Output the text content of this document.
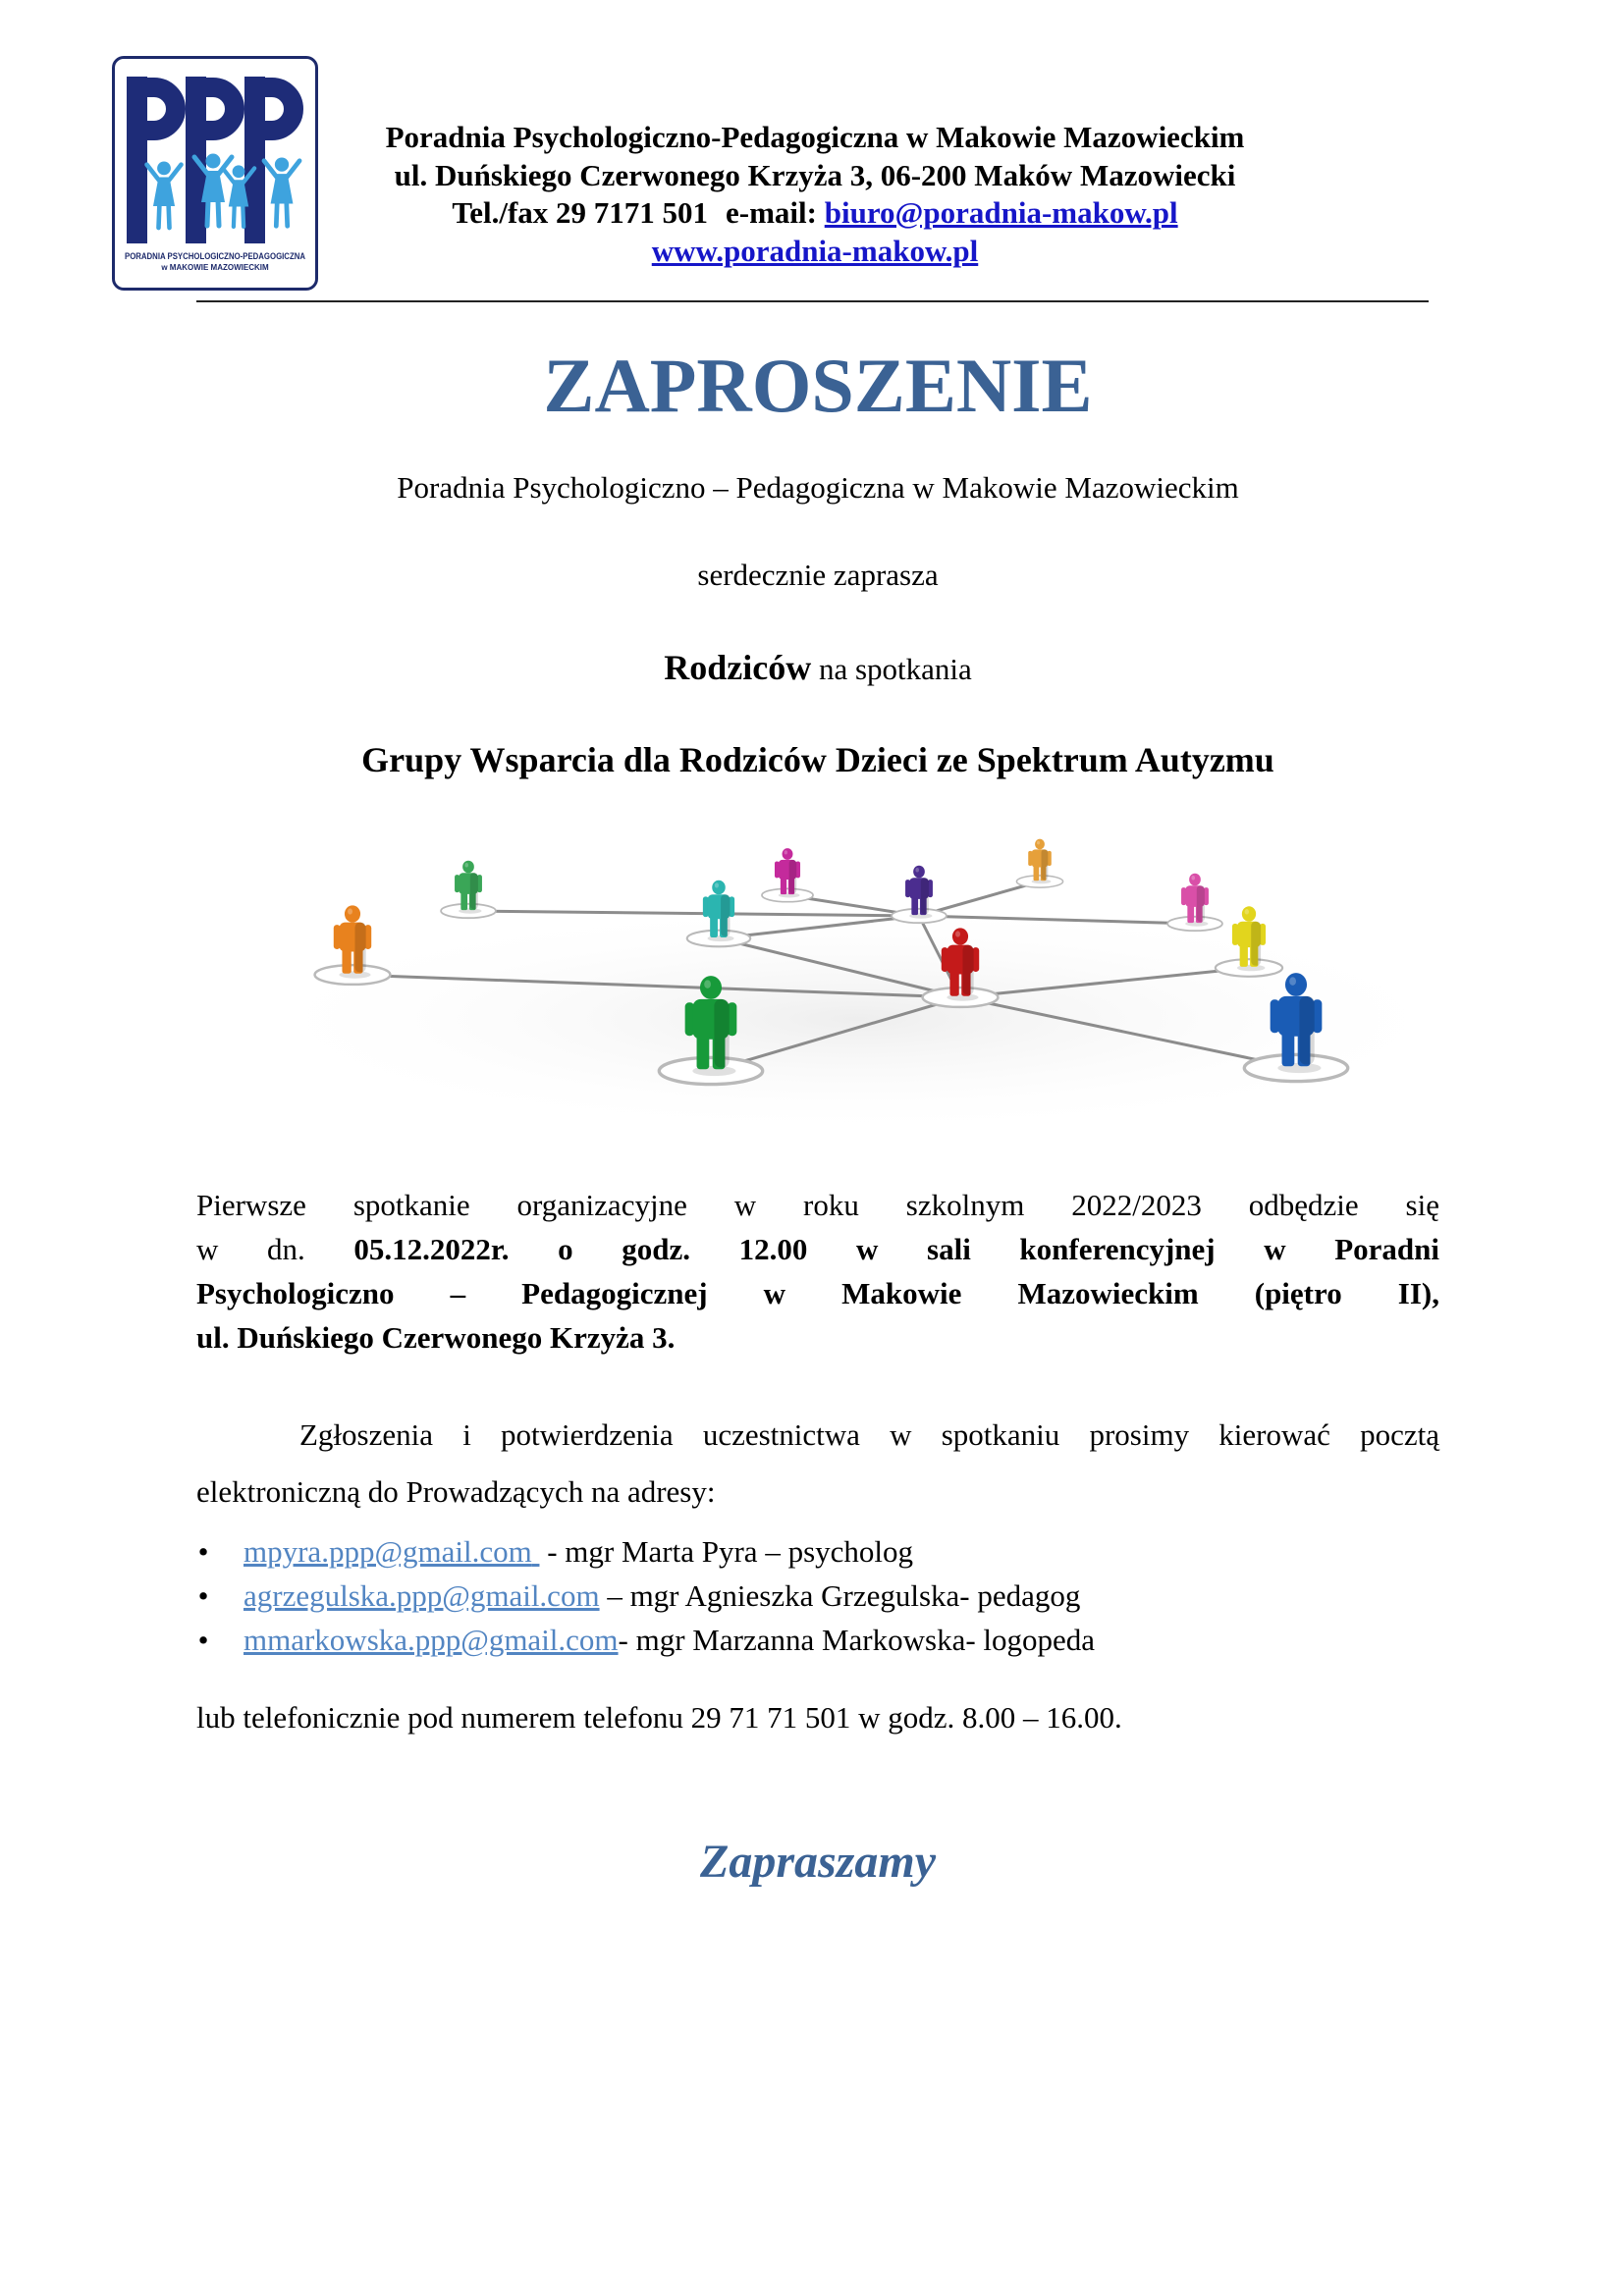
PORADNIA PSYCHOLOGICZNO-PEDAGOGICZNA
w MAKOWIE MAZOWIECKIM
Poradnia Psychologiczno-Pedagogiczna w Makowie Mazowieckim
ul. Duńskiego Czerwonego Krzyża 3, 06-200 Maków Mazowiecki
Tel./fax 29 7171 501 e-mail: biuro@poradnia-makow.pl
www.poradnia-makow.pl
ZAPROSZENIE
Poradnia Psychologiczno – Pedagogiczna w Makowie Mazowieckim
serdecznie zaprasza
Rodziców na spotkania
Grupy Wsparcia dla Rodziców Dzieci ze Spektrum Autyzmu
Pierwsze spotkanie organizacyjne w roku szkolnym 2022/2023 odbędzie się
w dn. 05.12.2022r. o godz. 12.00 w sali konferencyjnej w Poradni
Psychologiczno – Pedagogicznej w Makowie Mazowieckim (piętro II),
ul. Duńskiego Czerwonego Krzyża 3.
Zgłoszenia i potwierdzenia uczestnictwa w spotkaniu prosimy kierować pocztą
elektroniczną do Prowadzących na adresy:
• mpyra.ppp@gmail.com - mgr Marta Pyra – psycholog
• agrzegulska.ppp@gmail.com – mgr Agnieszka Grzegulska- pedagog
• mmarkowska.ppp@gmail.com- mgr Marzanna Markowska- logopeda
lub telefonicznie pod numerem telefonu 29 71 71 501 w godz. 8.00 – 16.00.
Zapraszamy
